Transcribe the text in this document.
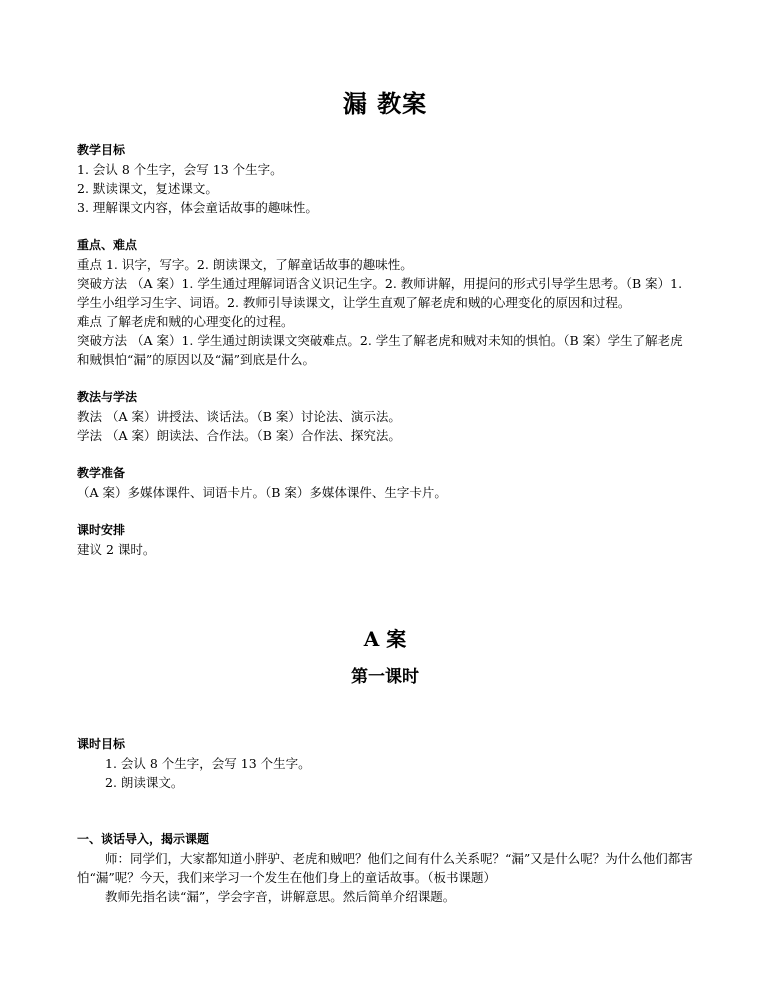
漏 教案

教学目标

1. 会认 8 个生字，会写 13 个生字。

2. 默读课文，复述课文。

3. 理解课文内容，体会童话故事的趣味性。

重点、难点

重点 1. 识字，写字。2. 朗读课文，了解童话故事的趣味性。

突破方法 （A 案）1. 学生通过理解词语含义识记生字。2. 教师讲解，用提问的形式引导学生思考。（B 案）1. 学生小组学习生字、词语。2. 教师引导读课文，让学生直观了解老虎和贼的心理变化的原因和过程。

难点 了解老虎和贼的心理变化的过程。

突破方法 （A 案）1. 学生通过朗读课文突破难点。2. 学生了解老虎和贼对未知的惧怕。（B 案）学生了解老虎和贼惧怕“漏”的原因以及“漏”到底是什么。

教法与学法

教法 （A 案）讲授法、谈话法。（B 案）讨论法、演示法。

学法 （A 案）朗读法、合作法。（B 案）合作法、探究法。

教学准备

（A 案）多媒体课件、词语卡片。（B 案）多媒体课件、生字卡片。

课时安排

建议 2 课时。

A 案
第一课时

课时目标

1. 会认 8 个生字，会写 13 个生字。

2. 朗读课文。

一、谈话导入，揭示课题

师：同学们，大家都知道小胖驴、老虎和贼吧？他们之间有什么关系呢？“漏”又是什么呢？为什么他们都害怕“漏”呢？今天，我们来学习一个发生在他们身上的童话故事。（板书课题）

教师先指名读“漏”，学会字音，讲解意思。然后简单介绍课题。
